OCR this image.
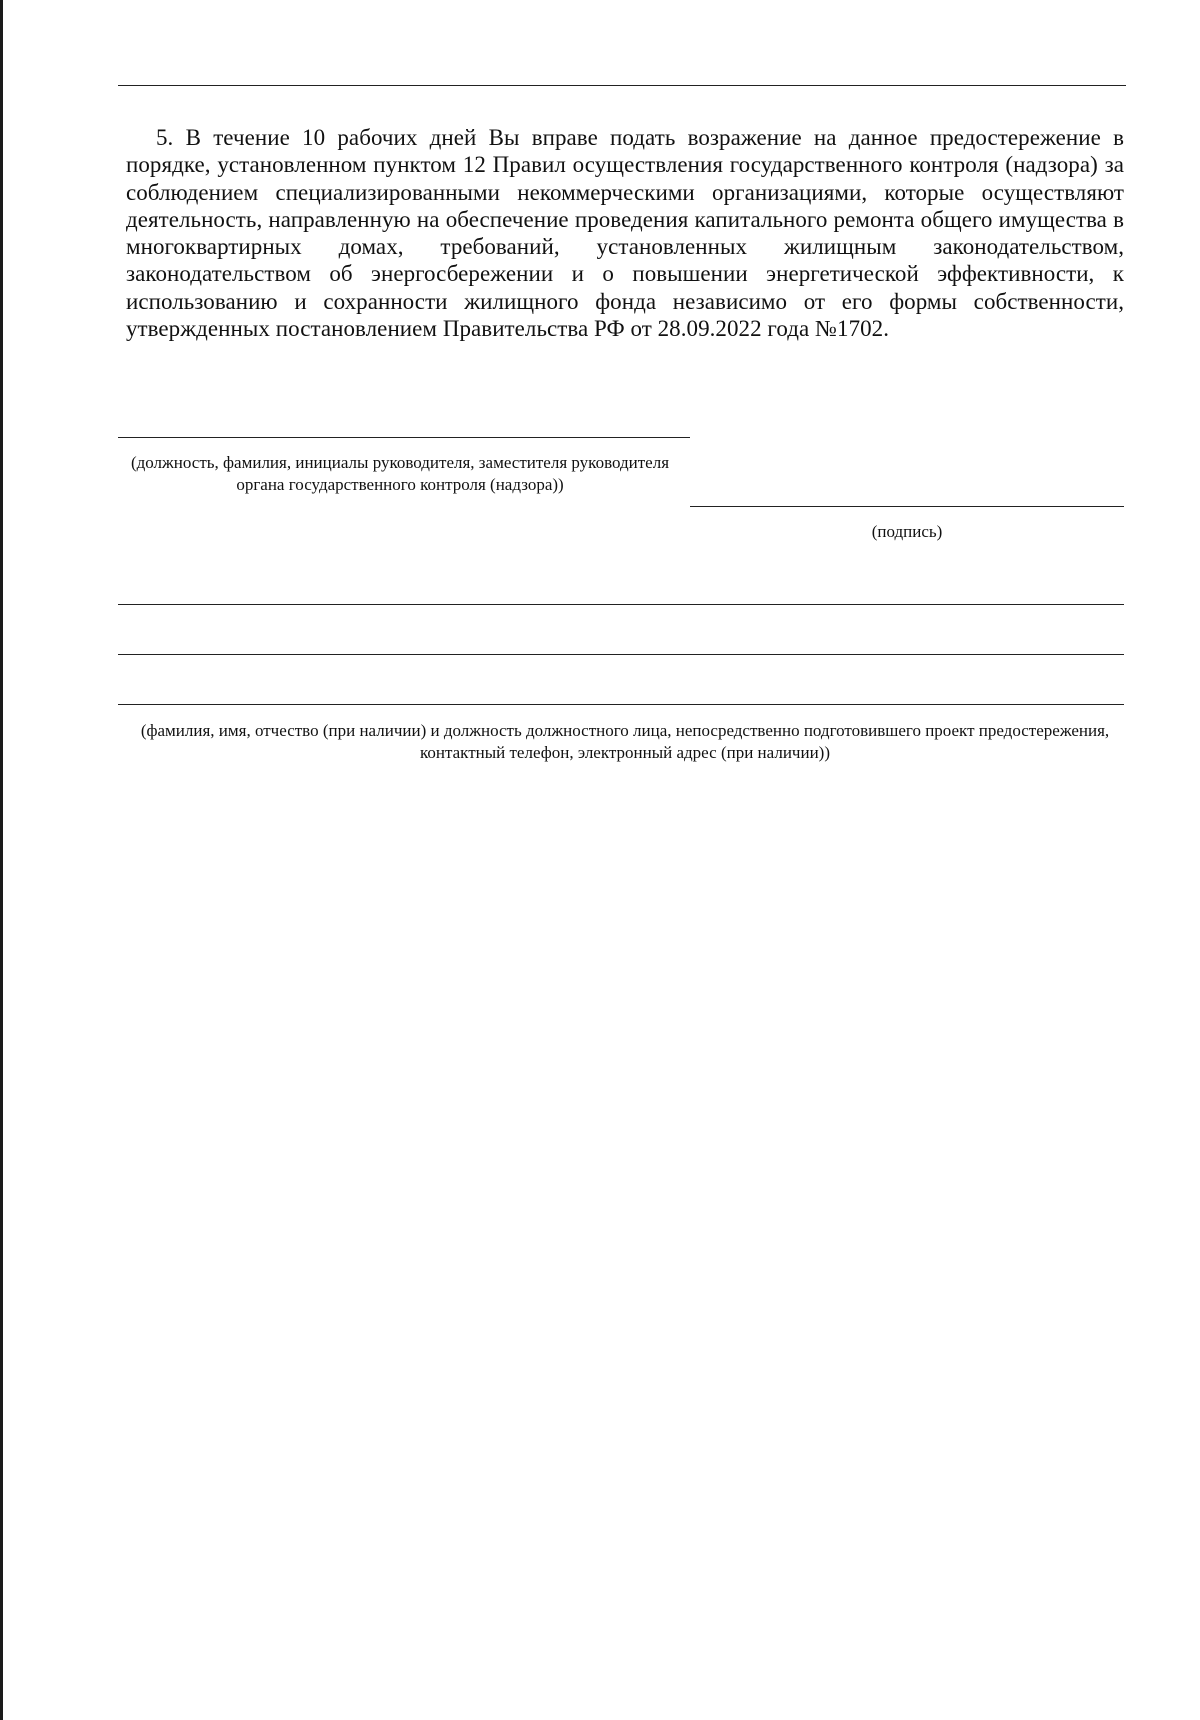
5. В течение 10 рабочих дней Вы вправе подать возражение на данное предостережение в порядке, установленном пунктом 12 Правил осуществления государственного контроля (надзора) за соблюдением специализированными некоммерческими организациями, которые осуществляют деятельность, направленную на обеспечение проведения капитального ремонта общего имущества в многоквартирных домах, требований, установленных жилищным законодательством, законодательством об энергосбережении и о повышении энергетической эффективности, к использованию и сохранности жилищного фонда независимо от его формы собственности, утвержденных постановлением Правительства РФ от 28.09.2022 года №1702.

(должность, фамилия, инициалы руководителя, заместителя руководителя органа государственного контроля (надзора))

(подпись)

(фамилия, имя, отчество (при наличии) и должность должностного лица, непосредственно подготовившего проект предостережения, контактный телефон, электронный адрес (при наличии))
